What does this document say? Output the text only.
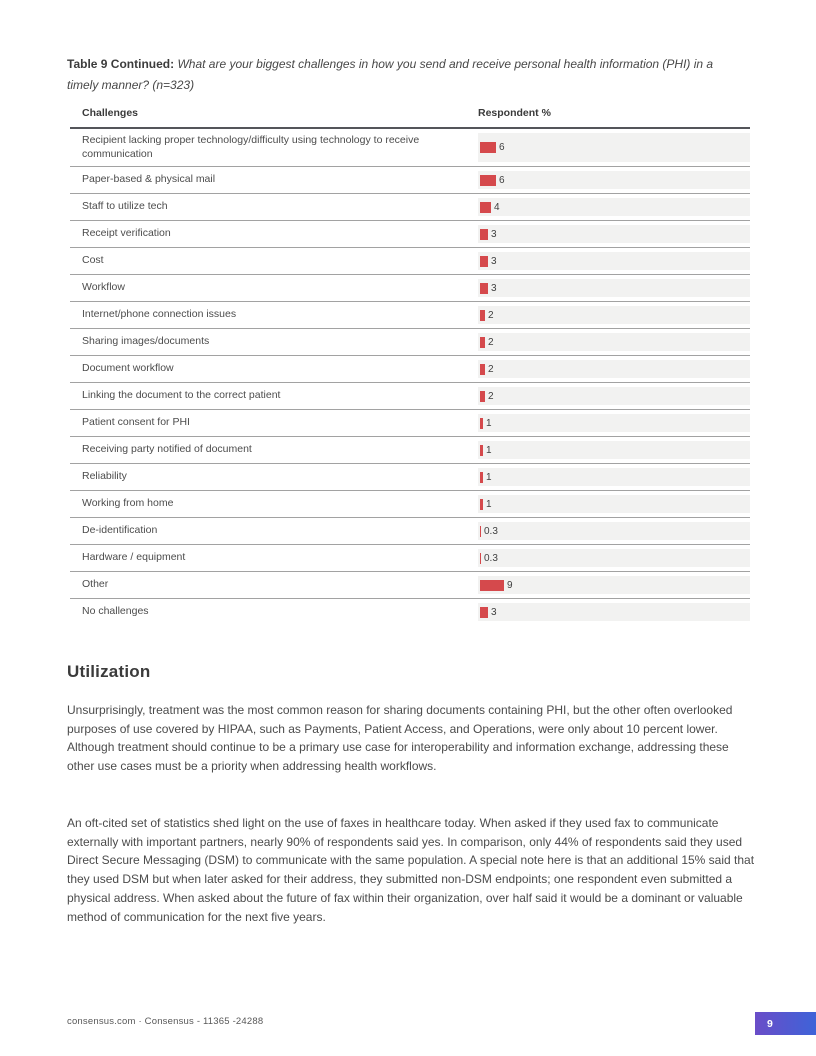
Table 9 Continued: What are your biggest challenges in how you send and receive personal health information (PHI) in a timely manner? (n=323)

Challenges	Respondent %
Recipient lacking proper technology/difficulty using technology to receive communication	6
Paper-based & physical mail	6
Staff to utilize tech	4
Receipt verification	3
Cost	3
Workflow	3
Internet/phone connection issues	2
Sharing images/documents	2
Document workflow	2
Linking the document to the correct patient	2
Patient consent for PHI	1
Receiving party notified of document	1
Reliability	1
Working from home	1
De-identification	0.3
Hardware / equipment	0.3
Other	9
No challenges	3
Utilization

Unsurprisingly, treatment was the most common reason for sharing documents containing PHI, but the other often overlooked purposes of use covered by HIPAA, such as Payments, Patient Access, and Operations, were only about 10 percent lower. Although treatment should continue to be a primary use case for interoperability and information exchange, addressing these other use cases must be a priority when addressing health workflows.

An oft-cited set of statistics shed light on the use of faxes in healthcare today. When asked if they used fax to communicate externally with important partners, nearly 90% of respondents said yes. In comparison, only 44% of respondents said they used Direct Secure Messaging (DSM) to communicate with the same population. A special note here is that an additional 15% said that they used DSM but when later asked for their address, they submitted non-DSM endpoints; one respondent even submitted a physical address. When asked about the future of fax within their organization, over half said it would be a dominant or valuable method of communication for the next five years.

consensus.com · Consensus - 11365 -24288	9
